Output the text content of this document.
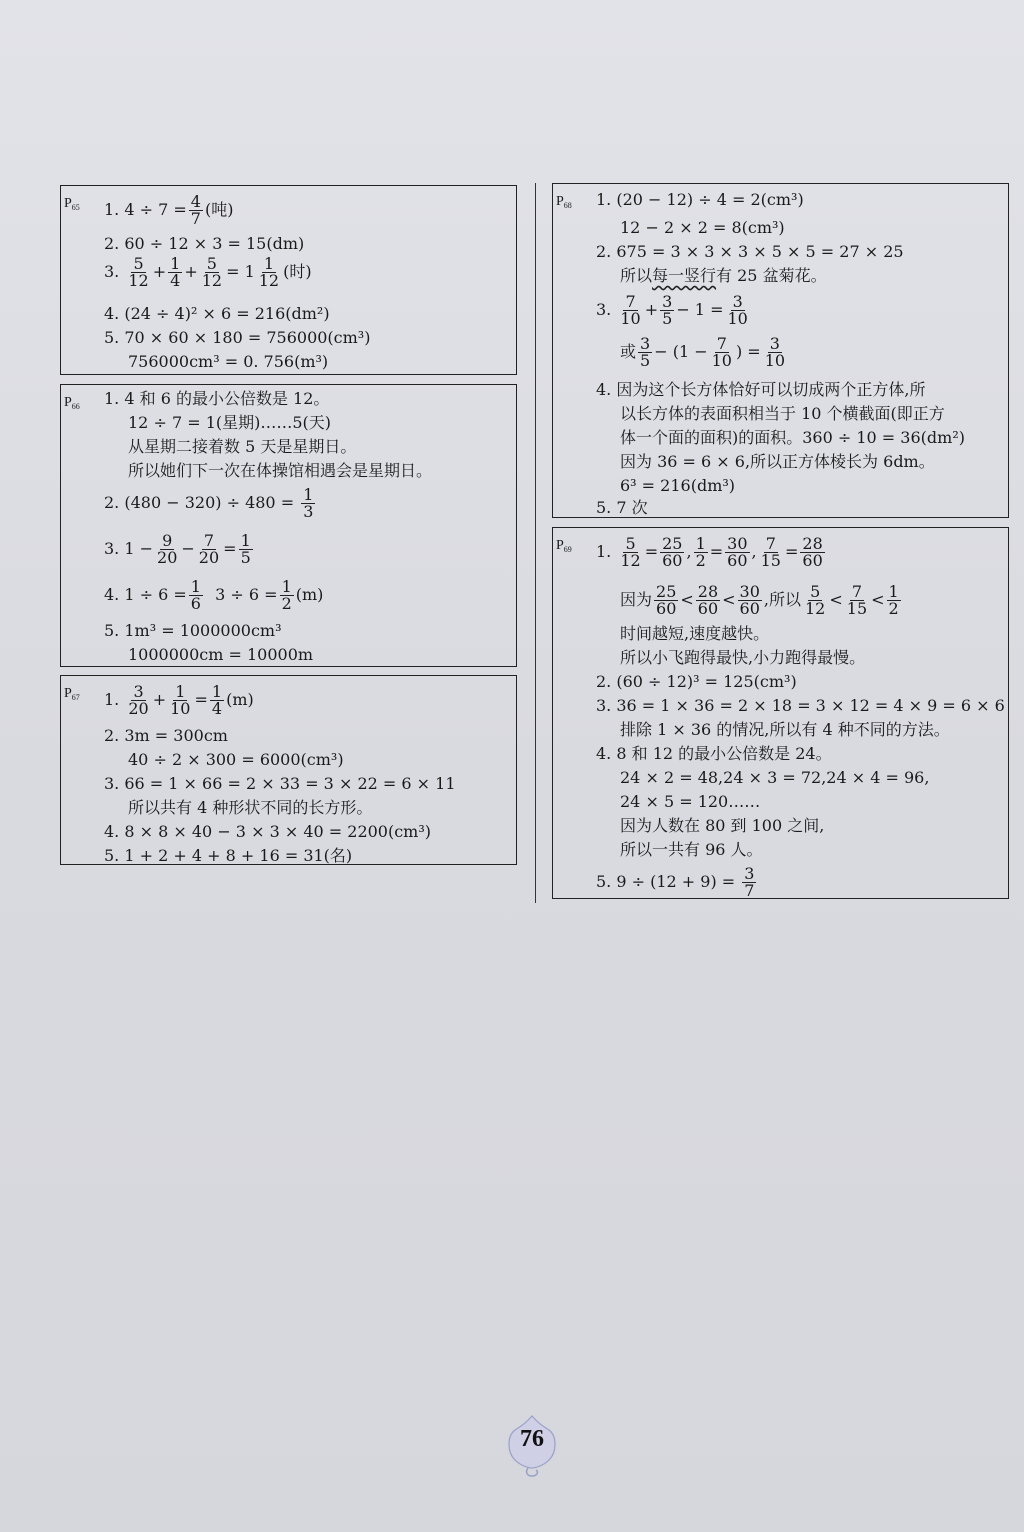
$P_{65}$ 1. $4 \div 7 = \frac{4}{7}$ (吨)
2. 60 ÷ 12 × 3 = 15(dm)
3. $\frac{5}{12} + \frac{1}{4} + \frac{5}{12} = 1 \frac{1}{12}$ (时)
4. (24 ÷ 4)² × 6 = 216(dm²)
5. 70 × 60 × 180 = 756000(cm³)
756000cm³ = 0. 756(m³)
$P_{66}$ 1. 4 和 6 的最小公倍数是 12。
12 ÷ 7 = 1(星期)……5(天)
从星期二接着数 5 天是星期日。
所以她们下一次在体操馆相遇会是星期日。
2. $(480 - 320) \div 480 = \frac{1}{3}$
3. $1 - \frac{9}{20} - \frac{7}{20} = \frac{1}{5}$
4. $1 \div 6 = \frac{1}{6} 3 \div 6 = \frac{1}{2} (m)$
5. 1m³ = 1000000cm³
1000000cm = 10000m
$P_{67}$ 1. $\frac{3}{20} + \frac{1}{10} = \frac{1}{4} (m)$
2. 3m = 300cm
40 ÷ 2 × 300 = 6000(cm³)
3. 66 = 1 × 66 = 2 × 33 = 3 × 22 = 6 × 11
所以共有 4 种形状不同的长方形。
4. 8 × 8 × 40 − 3 × 3 × 40 = 2200(cm³)
5. 1 + 2 + 4 + 8 + 16 = 31(名)
$P_{68}$ 1. (20 − 12) ÷ 4 = 2(cm³)
12 − 2 × 2 = 8(cm³)
2. 675 = 3 × 3 × 3 × 5 × 5 = 27 × 25
所以每一竖行有 25 盆菊花。
3. $\frac{7}{10} + \frac{3}{5} - 1 = \frac{3}{10}$
或 $\frac{3}{5} - (1 - \frac{7}{10}$ ) = $\frac{3}{10}$
4. 因为这个长方体恰好可以切成两个正方体,所
以长方体的表面积相当于 10 个横截面(即正方
体一个面的面积)的面积。360 ÷ 10 = 36(dm²)
因为 36 = 6 × 6,所以正方体棱长为 6dm。
6³ = 216(dm³)
5. 7 次
$P_{69}$ 1. $\frac{5}{12} = \frac{25}{60}$ , $\frac{1}{2} = \frac{30}{60}$ , $\frac{7}{15} = \frac{28}{60}$
因为 $\frac{25}{60} < \frac{28}{60} < \frac{30}{60}$ ,所以 $\frac{5}{12} < \frac{7}{15} < \frac{1}{2}$
时间越短,速度越快。
所以小飞跑得最快,小力跑得最慢。
2. (60 ÷ 12)³ = 125(cm³)
3. 36 = 1 × 36 = 2 × 18 = 3 × 12 = 4 × 9 = 6 × 6
排除 1 × 36 的情况,所以有 4 种不同的方法。
4. 8 和 12 的最小公倍数是 24。
24 × 2 = 48,24 × 3 = 72,24 × 4 = 96,
24 × 5 = 120……
因为人数在 80 到 100 之间,
所以一共有 96 人。
5. $9 \div (12 + 9) = \frac{3}{7}$
76
